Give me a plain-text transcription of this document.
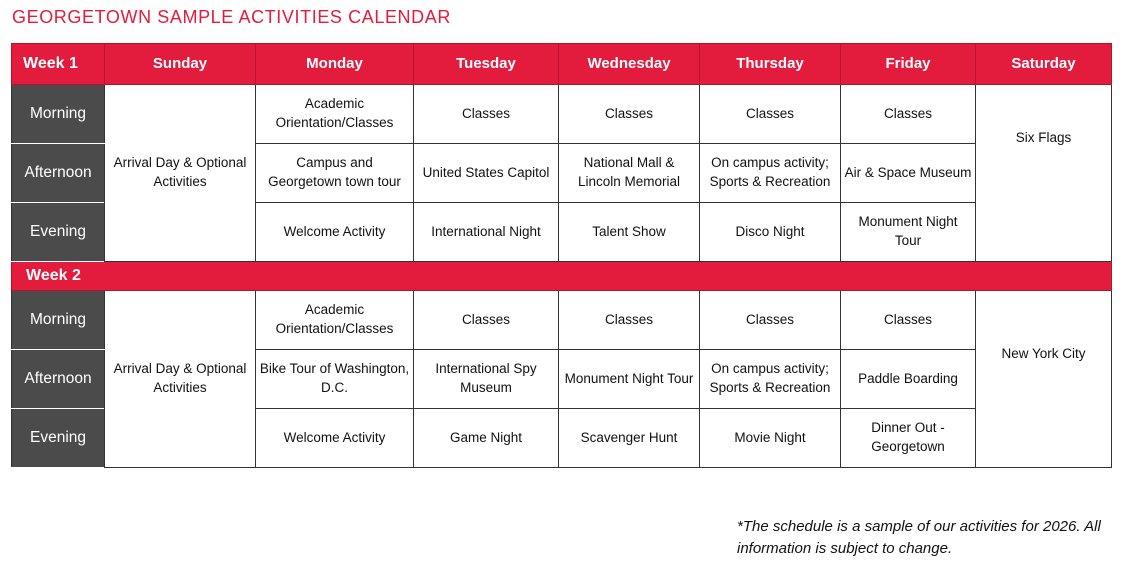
GEORGETOWN SAMPLE ACTIVITIES CALENDAR
Week 1	Sunday	Monday	Tuesday	Wednesday	Thursday	Friday	Saturday
Morning	Arrival Day & Optional Activities	Academic Orientation/Classes	Classes	Classes	Classes	Classes	Six Flags

Afternoon		Campus and Georgetown town tour	United States Capitol	National Mall & Lincoln Memorial	On campus activity; Sports & Recreation	Air & Space Museum	
Evening		Welcome Activity	International Night	Talent Show	Disco Night	Monument Night Tour	
Week 2							
Morning	Arrival Day & Optional Activities	Academic Orientation/Classes	Classes	Classes	Classes	Classes	New York City

Afternoon		Bike Tour of Washington, D.C.	International Spy Museum	Monument Night Tour	On campus activity; Sports & Recreation	Paddle Boarding	
Evening		Welcome Activity	Game Night	Scavenger Hunt	Movie Night	Dinner Out - Georgetown	

*The schedule is a sample of our activities for 2026. All information is subject to change.
